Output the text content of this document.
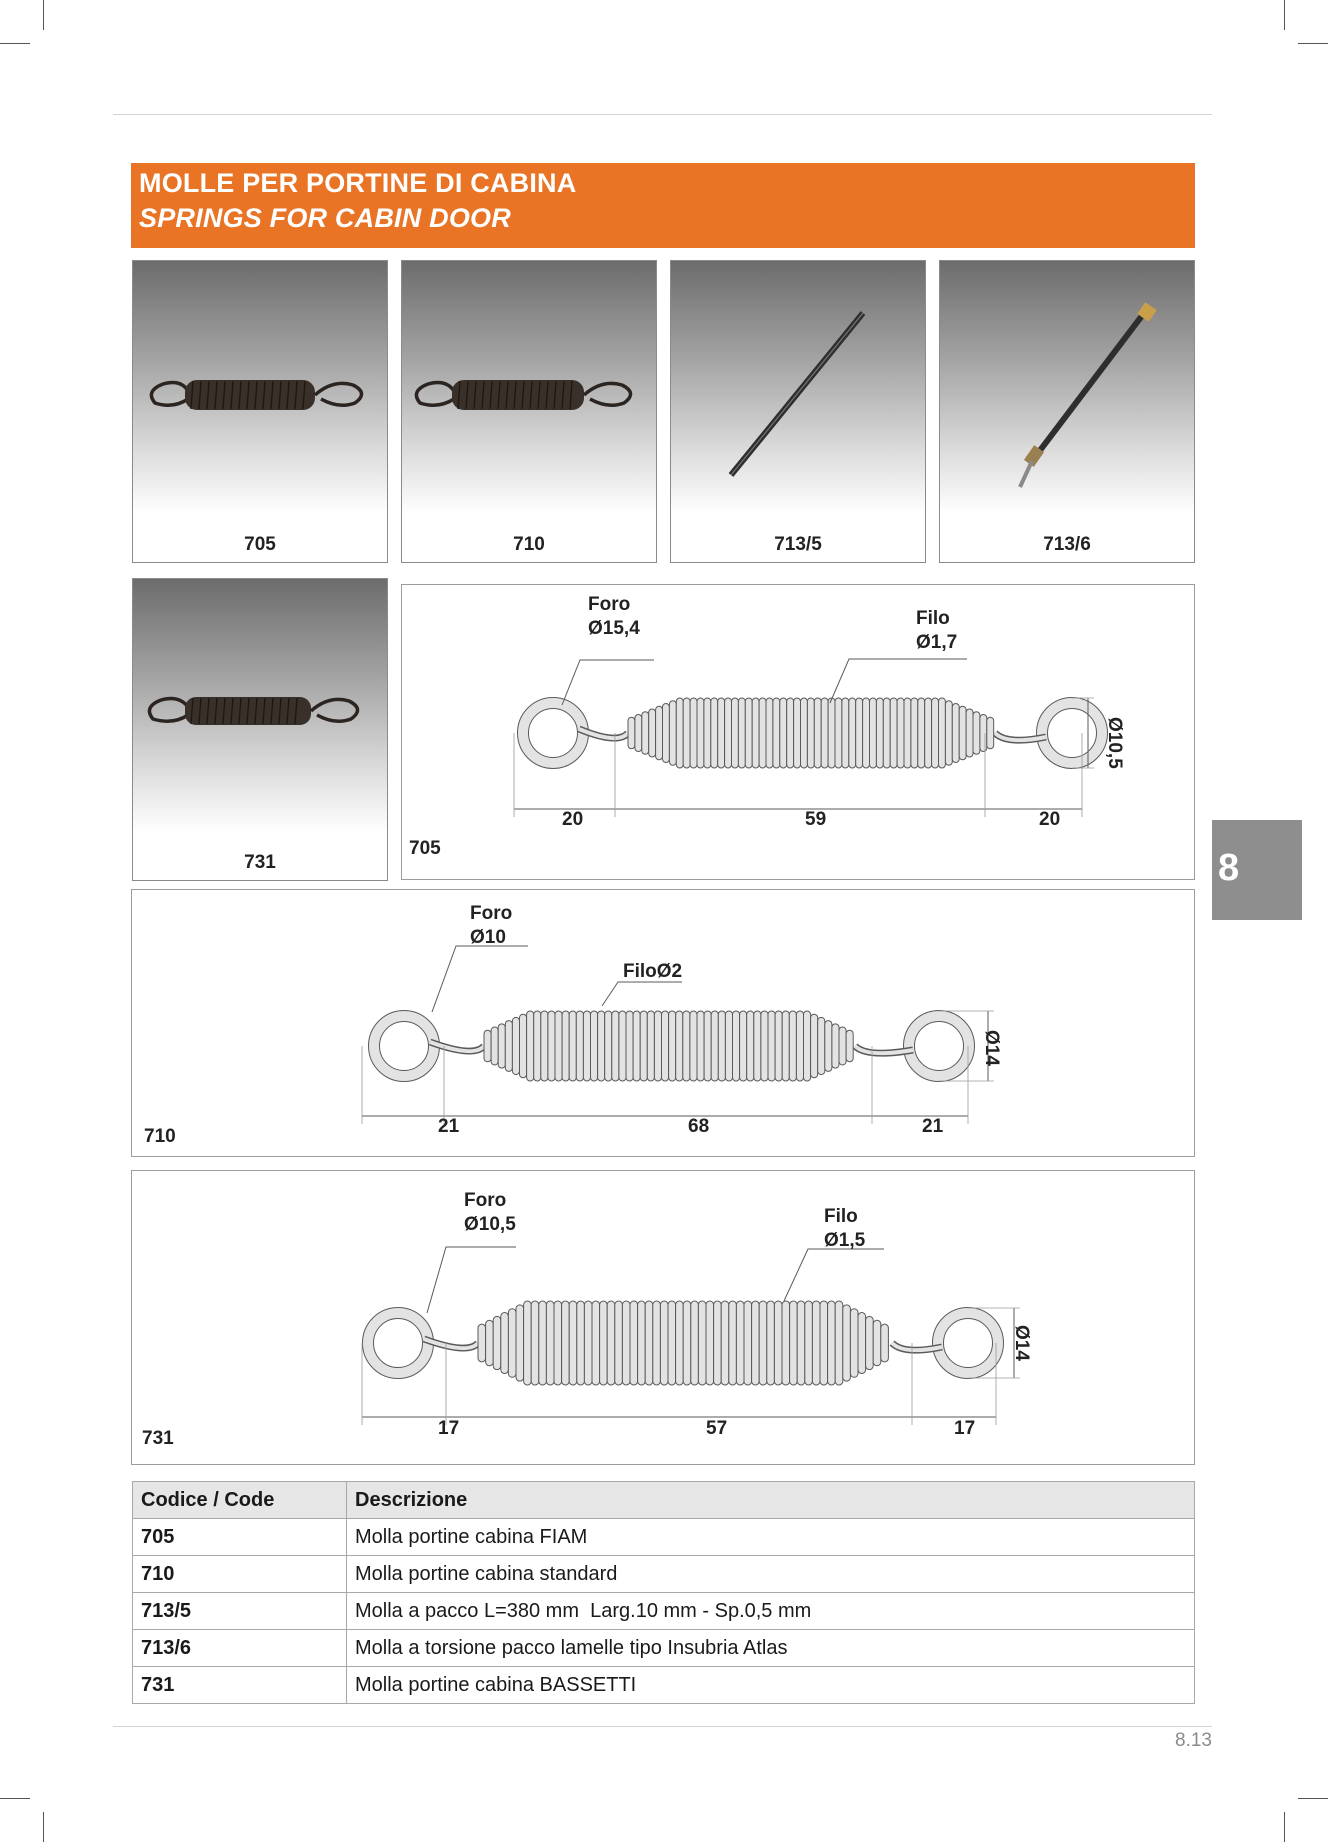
MOLLE PER PORTINE DI CABINA
SPRINGS FOR CABIN DOOR
705	710	713/5	713/6
731
Foro
Ø15,4	Filo
Ø1,7
Ø10,5
20	59	20
705
Foro
Ø10
FiloØ2
Ø14
21	68	21
710
Foro
Ø10,5	Filo
Ø1,5
Ø14
17	57	17
731
8
Codice / Code	Descrizione
705	Molla portine cabina FIAM
710	Molla portine cabina standard
713/5	Molla a pacco L=380 mm  Larg.10 mm - Sp.0,5 mm
713/6	Molla a torsione pacco lamelle tipo Insubria Atlas
731	Molla portine cabina BASSETTI
8.13
